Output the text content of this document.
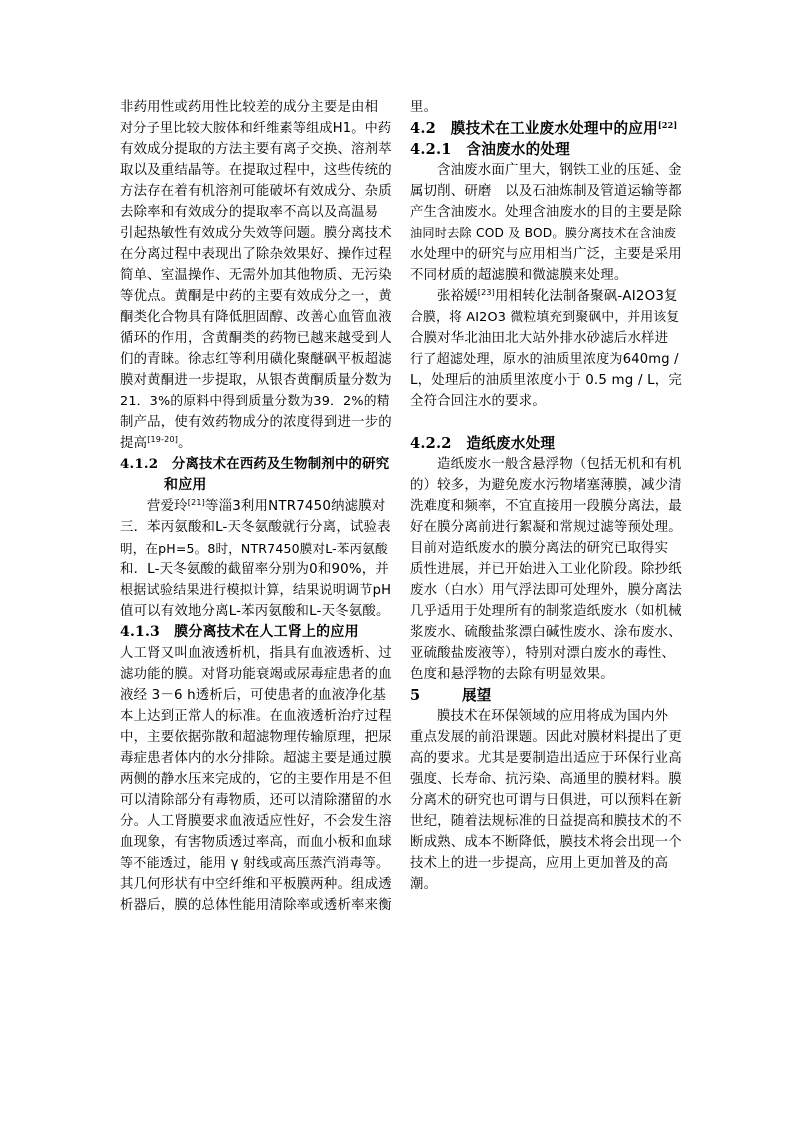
非药用性或药用性比较差的成分主要是由相
对分子里比较大胺体和纤维素等组成H1。中药
有效成分提取的方法主要有离子交换、溶剂萃
取以及重结晶等。在提取过程中，这些传统的
方法存在着有机溶剂可能破坏有效成分、杂质
去除率和有效成分的提取率不高以及高温易
引起热敏性有效成分失效等问题。膜分离技术
在分离过程中表现出了除杂效果好、操作过程
简单、室温操作、无需外加其他物质、无污染
等优点。黄酮是中药的主要有效成分之一，黄
酮类化合物具有降低胆固醇、改善心血管血液
循环的作用，含黄酮类的药物已越来越受到人
们的青睐。徐志红等利用磺化聚醚砜平板超滤
膜对黄酮进一步提取，从银杏黄酮质量分数为
21．3%的原料中得到质量分数为39．2%的精
制产品，使有效药物成分的浓度得到进一步的
提高[19-20]。
4.1.2　分离技术在西药及生物制剂中的研究
和应用
营爱玲[21]等淄3利用NTR7450纳滤膜对
三．苯丙氨酸和L-天冬氨酸就行分离，试验表
明，在pH=5。8时，NTR7450膜对L-苯丙氨酸
和．L-天冬氨酸的截留率分别为0和90%，并
根据试验结果进行模拟计算，结果说明调节pH
值可以有效地分离L-苯丙氨酸和L-天冬氨酸。
4.1.3　膜分离技术在人工肾上的应用
人工肾又叫血液透析机，指具有血液透析、过
滤功能的膜。对肾功能衰竭或尿毒症患者的血
液经 3－6 h透析后，可使患者的血液净化基
本上达到正常人的标准。在血液透析治疗过程
中，主要依据弥散和超滤物理传输原理，把尿
毒症患者体内的水分排除。超滤主要是通过膜
两侧的静水压来完成的，它的主要作用是不但
可以清除部分有毒物质，还可以清除潴留的水
分。人工肾膜要求血液适应性好，不会发生溶
血现象，有害物质透过率高，而血小板和血球
等不能透过，能用 γ 射线或高压蒸汽消毒等。
其几何形状有中空纤维和平板膜两种。组成透
析器后，膜的总体性能用清除率或透析率来衡
里。
4.2　膜技术在工业废水处理中的应用[22]
4.2.1　含油废水的处理
含油废水面广里大，钢铁工业的压延、金
属切削、研磨　以及石油炼制及管道运输等都
产生含油废水。处理含油废水的目的主要是除
油同时去除 COD 及 BOD。膜分离技术在含油废
水处理中的研究与应用相当广泛，主要是采用
不同材质的超滤膜和微滤膜来处理。
张裕媛[23]用相转化法制备聚砜-AI2O3复
合膜，将 AI2O3 微粒填充到聚砜中，并用该复
合膜对华北油田北大站外排水砂滤后水样进
行了超滤处理，原水的油质里浓度为640mg /
L，处理后的油质里浓度小于 0.5 mg / L，完
全符合回注水的要求。
4.2.2　造纸废水处理
造纸废水一般含悬浮物（包括无机和有机
的）较多，为避免废水污物堵塞薄膜，减少清
洗难度和频率，不宜直接用一段膜分离法，最
好在膜分离前进行絮凝和常规过滤等预处理。
目前对造纸废水的膜分离法的研究已取得实
质性进展，并已开始进入工业化阶段。除抄纸
废水（白水）用气浮法即可处理外，膜分离法
几乎适用于处理所有的制浆造纸废水（如机械
浆废水、硫酸盐浆漂白碱性废水、涂布废水、
亚硫酸盐废液等），特别对漂白废水的毒性、
色度和悬浮物的去除有明显效果。
5	展望
膜技术在环保领域的应用将成为国内外
重点发展的前沿课题。因此对膜材料提出了更
高的要求。尤其是要制造出适应于环保行业高
强度、长寿命、抗污染、高通里的膜材料。膜
分离术的研究也可谓与日俱进，可以预料在新
世纪，随着法规标准的日益提高和膜技术的不
断成熟、成本不断降低，膜技术将会出现一个
技术上的进一步提高，应用上更加普及的高
潮。
